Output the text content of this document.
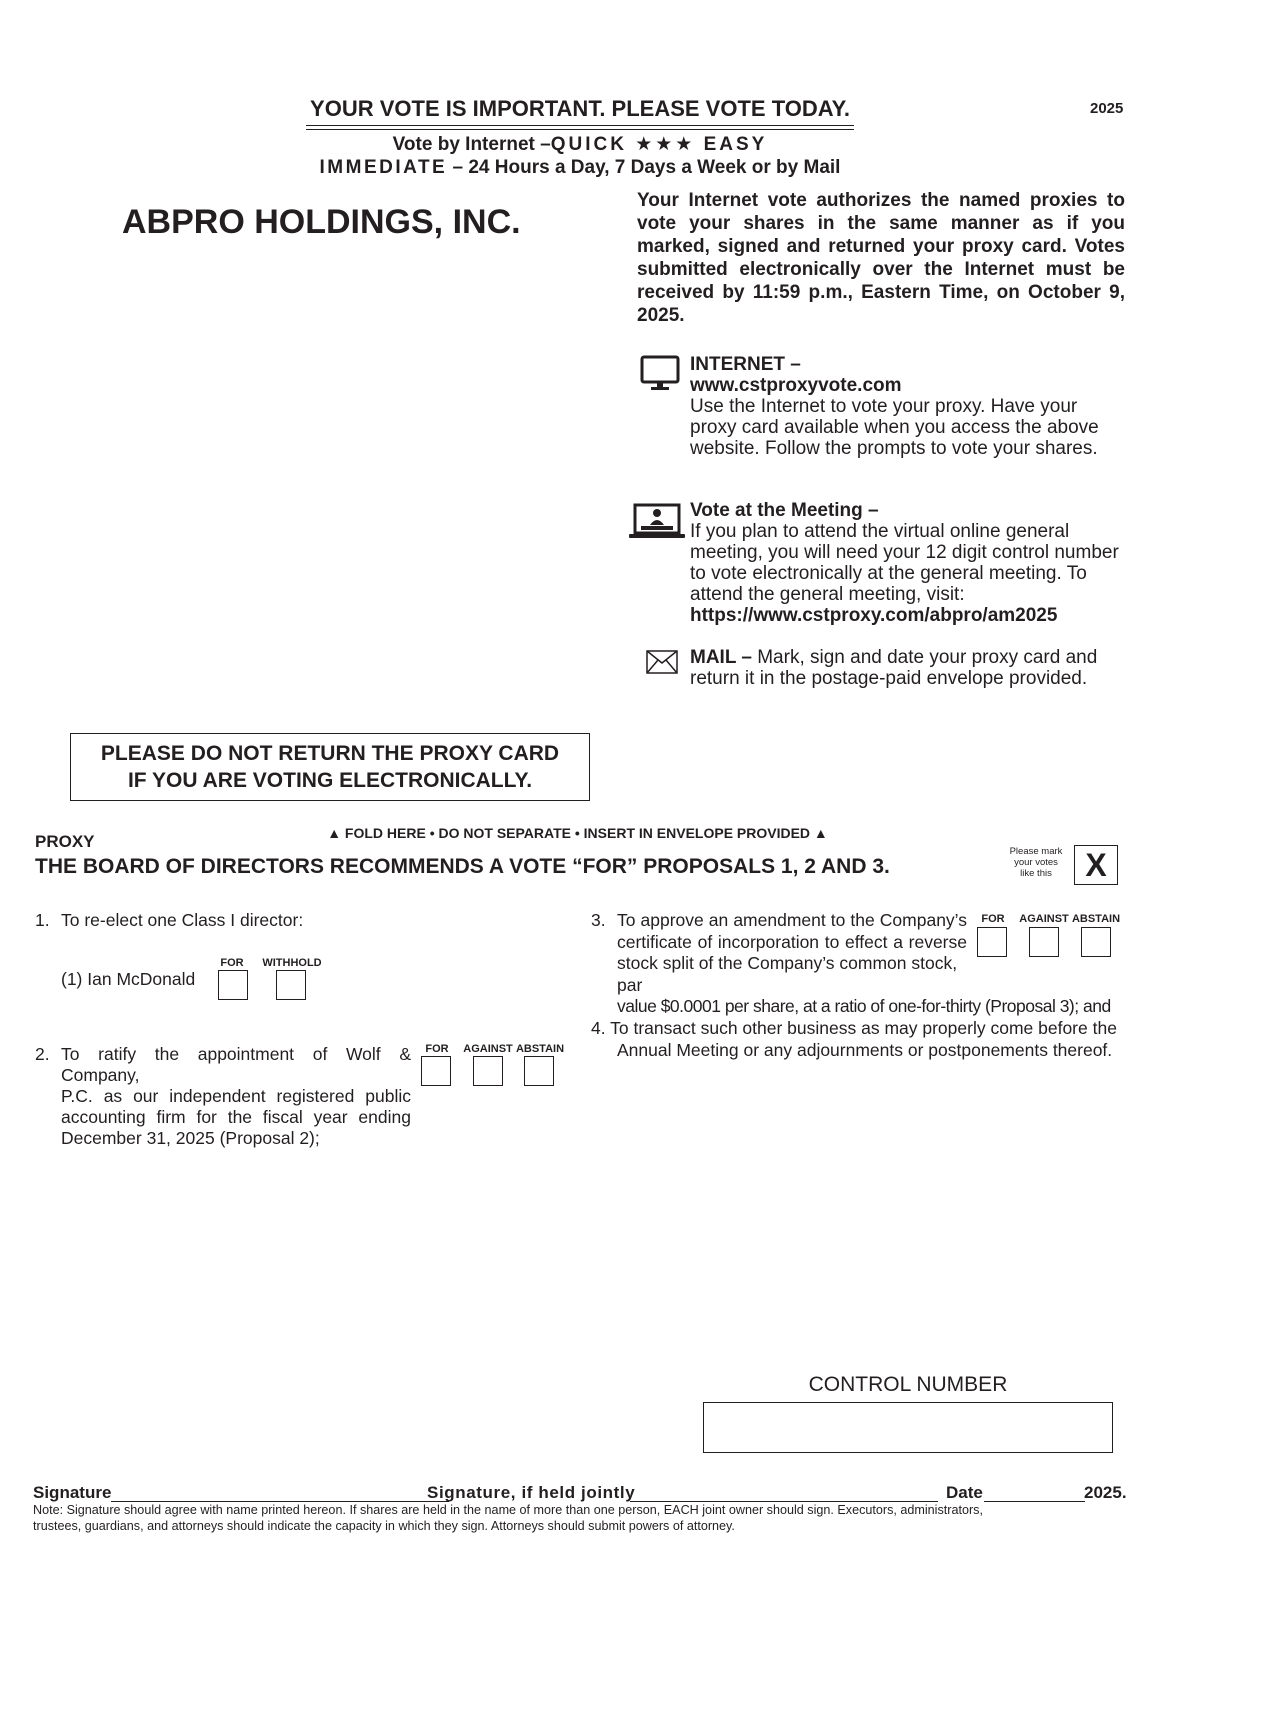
YOUR VOTE IS IMPORTANT. PLEASE VOTE TODAY.	2025
Vote by Internet –QUICK ★★★ EASY
IMMEDIATE – 24 Hours a Day, 7 Days a Week or by Mail
ABPRO HOLDINGS, INC.
Your Internet vote authorizes the named proxies to vote your shares in the same manner as if you marked, signed and returned your proxy card. Votes submitted electronically over the Internet must be received by 11:59 p.m., Eastern Time, on October 9, 2025.
INTERNET –
www.cstproxyvote.com
Use the Internet to vote your proxy. Have your proxy card available when you access the above website. Follow the prompts to vote your shares.
Vote at the Meeting –
If you plan to attend the virtual online general meeting, you will need your 12 digit control number to vote electronically at the general meeting. To attend the general meeting, visit:
https://www.cstproxy.com/abpro/am2025
MAIL – Mark, sign and date your proxy card and return it in the postage-paid envelope provided.
PLEASE DO NOT RETURN THE PROXY CARD
IF YOU ARE VOTING ELECTRONICALLY.
▲ FOLD HERE • DO NOT SEPARATE • INSERT IN ENVELOPE PROVIDED ▲
PROXY
THE BOARD OF DIRECTORS RECOMMENDS A VOTE “FOR” PROPOSALS 1, 2 AND 3.
Please mark
your votes
like this	X
1. To re-elect one Class I director:
(1) Ian McDonald
FOR	WITHHOLD
2. To ratify the appointment of Wolf & Company,
P.C. as our independent registered public
accounting firm for the fiscal year ending
December 31, 2025 (Proposal 2);
FOR	AGAINST ABSTAIN
3. To approve an amendment to the Company’s
certificate of incorporation to effect a reverse
stock split of the Company’s common stock, par
value $0.0001 per share, at a ratio of one-for-thirty (Proposal 3); and
FOR	AGAINST ABSTAIN
4. To transact such other business as may properly come before the
Annual Meeting or any adjournments or postponements thereof.
CONTROL NUMBER
Signature	Signature, if held jointly	Date	2025.
Note: Signature should agree with name printed hereon. If shares are held in the name of more than one person, EACH joint owner should sign. Executors, administrators,
trustees, guardians, and attorneys should indicate the capacity in which they sign. Attorneys should submit powers of attorney.
